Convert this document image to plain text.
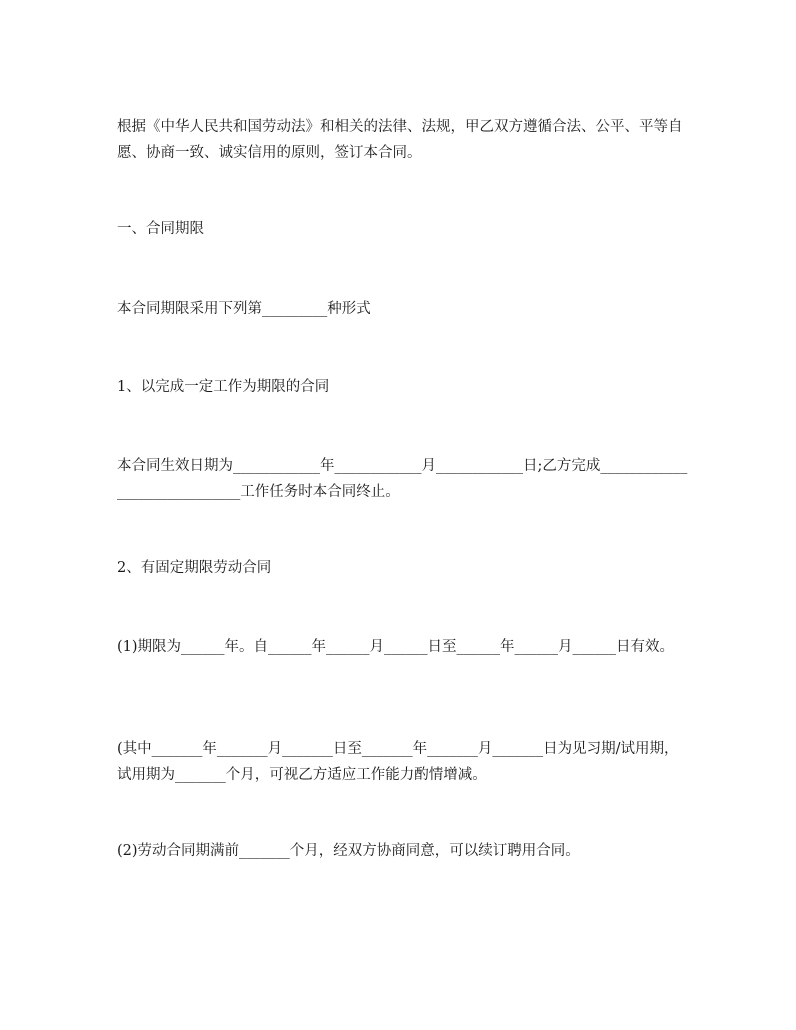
根据《中华人民共和国劳动法》和相关的法律、法规，甲乙双方遵循合法、公平、平等自愿、协商一致、诚实信用的原则，签订本合同。

一、合同期限

本合同期限采用下列第_________种形式

1、以完成一定工作为期限的合同

本合同生效日期为____________年____________月____________日;乙方完成_____________________________工作任务时本合同终止。

2、有固定期限劳动合同

(1)期限为______年。自______年______月______日至______年______月______日有效。

(其中_______年_______月_______日至_______年_______月_______日为见习期/试用期，试用期为_______个月，可视乙方适应工作能力酌情增减。

(2)劳动合同期满前_______个月，经双方协商同意，可以续订聘用合同。
